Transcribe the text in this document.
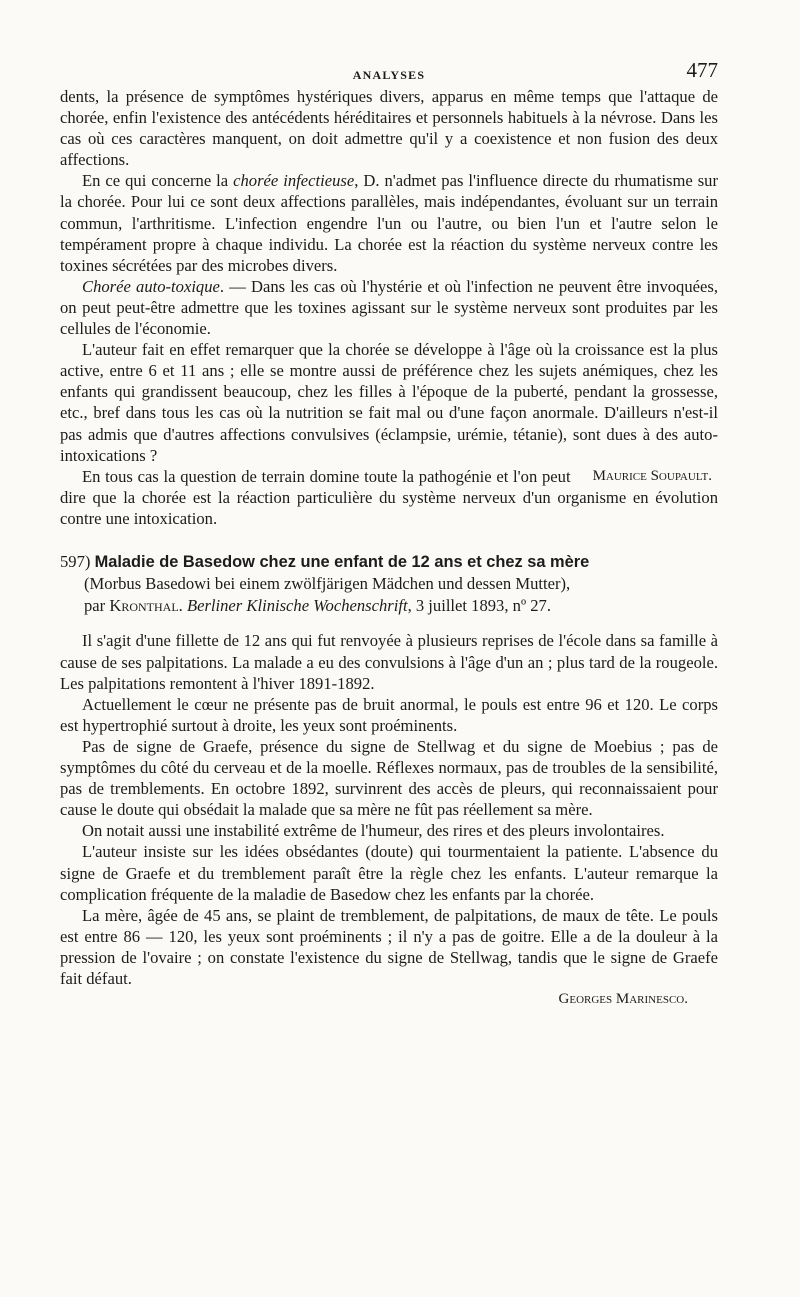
$_{ANALYSES}$	477

dents, la présence de symptômes hystériques divers, apparus en même temps que l'attaque de chorée, enfin l'existence des antécédents héréditaires et personnels habituels à la névrose. Dans les cas où ces caractères manquent, on doit admettre qu'il y a coexistence et non fusion des deux affections.

En ce qui concerne la chorée infectieuse, D. n'admet pas l'influence directe du rhumatisme sur la chorée. Pour lui ce sont deux affections parallèles, mais indépendantes, évoluant sur un terrain commun, l'arthritisme. L'infection engendre l'un ou l'autre, ou bien l'un et l'autre selon le tempérament propre à chaque individu. La chorée est la réaction du système nerveux contre les toxines sécrétées par des microbes divers.

Chorée auto-toxique. — Dans les cas où l'hystérie et où l'infection ne peuvent être invoquées, on peut peut-être admettre que les toxines agissant sur le système nerveux sont produites par les cellules de l'économie.

L'auteur fait en effet remarquer que la chorée se développe à l'âge où la croissance est la plus active, entre 6 et 11 ans ; elle se montre aussi de préférence chez les sujets anémiques, chez les enfants qui grandissent beaucoup, chez les filles à l'époque de la puberté, pendant la grossesse, etc., bref dans tous les cas où la nutrition se fait mal ou d'une façon anormale. D'ailleurs n'est-il pas admis que d'autres affections convulsives (éclampsie, urémie, tétanie), sont dues à des auto-intoxications ?

Maurice Soupault.
En tous cas la question de terrain domine toute la pathogénie et l'on peut dire que la chorée est la réaction particulière du système nerveux d'un organisme en évolution contre une intoxication.

597) Maladie de Basedow chez une enfant de 12 ans et chez sa mère
(Morbus Basedowi bei einem zwölfjärigen Mädchen und dessen Mutter),
par Kronthal. Berliner Klinische Wochenschrift, 3 juillet 1893, nº 27.

Il s'agit d'une fillette de 12 ans qui fut renvoyée à plusieurs reprises de l'école dans sa famille à cause de ses palpitations. La malade a eu des convulsions à l'âge d'un an ; plus tard de la rougeole. Les palpitations remontent à l'hiver 1891-1892.

Actuellement le cœur ne présente pas de bruit anormal, le pouls est entre 96 et 120. Le corps est hypertrophié surtout à droite, les yeux sont proéminents.

Pas de signe de Graefe, présence du signe de Stellwag et du signe de Moebius ; pas de symptômes du côté du cerveau et de la moelle. Réflexes normaux, pas de troubles de la sensibilité, pas de tremblements. En octobre 1892, survinrent des accès de pleurs, qui reconnaissaient pour cause le doute qui obsédait la malade que sa mère ne fût pas réellement sa mère.

On notait aussi une instabilité extrême de l'humeur, des rires et des pleurs involontaires.

L'auteur insiste sur les idées obsédantes (doute) qui tourmentaient la patiente. L'absence du signe de Graefe et du tremblement paraît être la règle chez les enfants. L'auteur remarque la complication fréquente de la maladie de Basedow chez les enfants par la chorée.

La mère, âgée de 45 ans, se plaint de tremblement, de palpitations, de maux de tête. Le pouls est entre 86 — 120, les yeux sont proéminents ; il n'y a pas de goitre. Elle a de la douleur à la pression de l'ovaire ; on constate l'existence du signe de Stellwag, tandis que le signe de Graefe fait défaut.

Georges Marinesco.
